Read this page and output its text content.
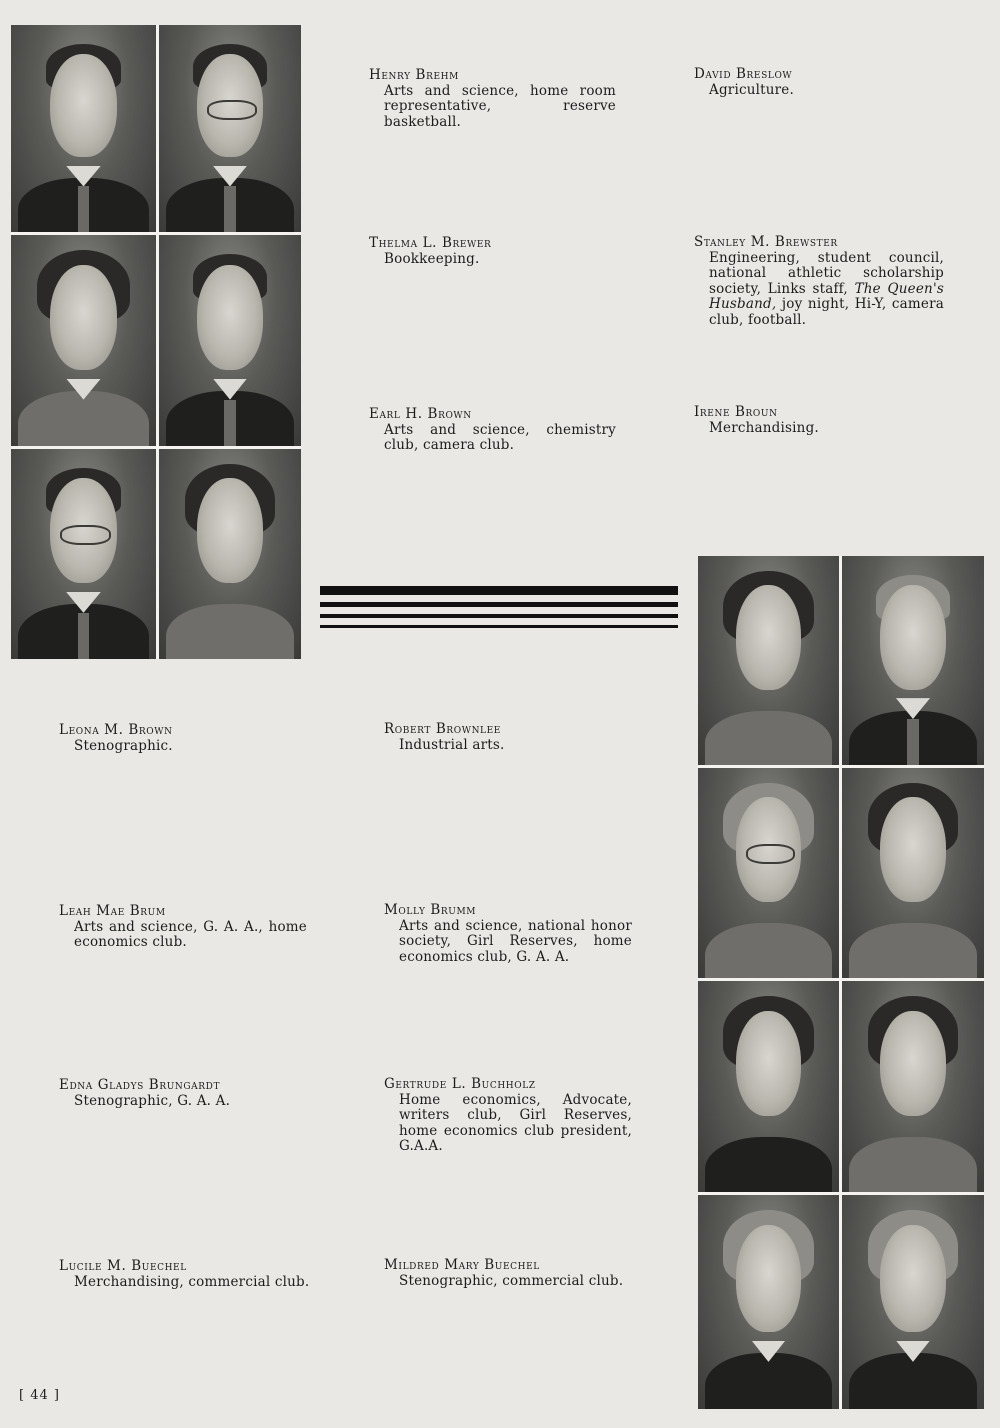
Henry Brehm
Arts and science, home room representative, reserve basketball.
David Breslow
Agriculture.
Thelma L. Brewer
Bookkeeping.
Stanley M. Brewster
Engineering, student council, national athletic scholarship society, Links staff, The Queen's Husband, joy night, Hi-Y, camera club, football.
Earl H. Brown
Arts and science, chemistry club, camera club.
Irene Broun
Merchandising.
Leona M. Brown
Stenographic.
Robert Brownlee
Industrial arts.
Leah Mae Brum
Arts and science, G. A. A., home economics club.
Molly Brumm
Arts and science, national honor society, Girl Reserves, home economics club, G. A. A.
Edna Gladys Brungardt
Stenographic, G. A. A.
Gertrude L. Buchholz
Home economics, Advocate, writers club, Girl Reserves, home economics club president, G.A.A.
Lucile M. Buechel
Merchandising, commercial club.
Mildred Mary Buechel
Stenographic, commercial club.
[ 44 ]
